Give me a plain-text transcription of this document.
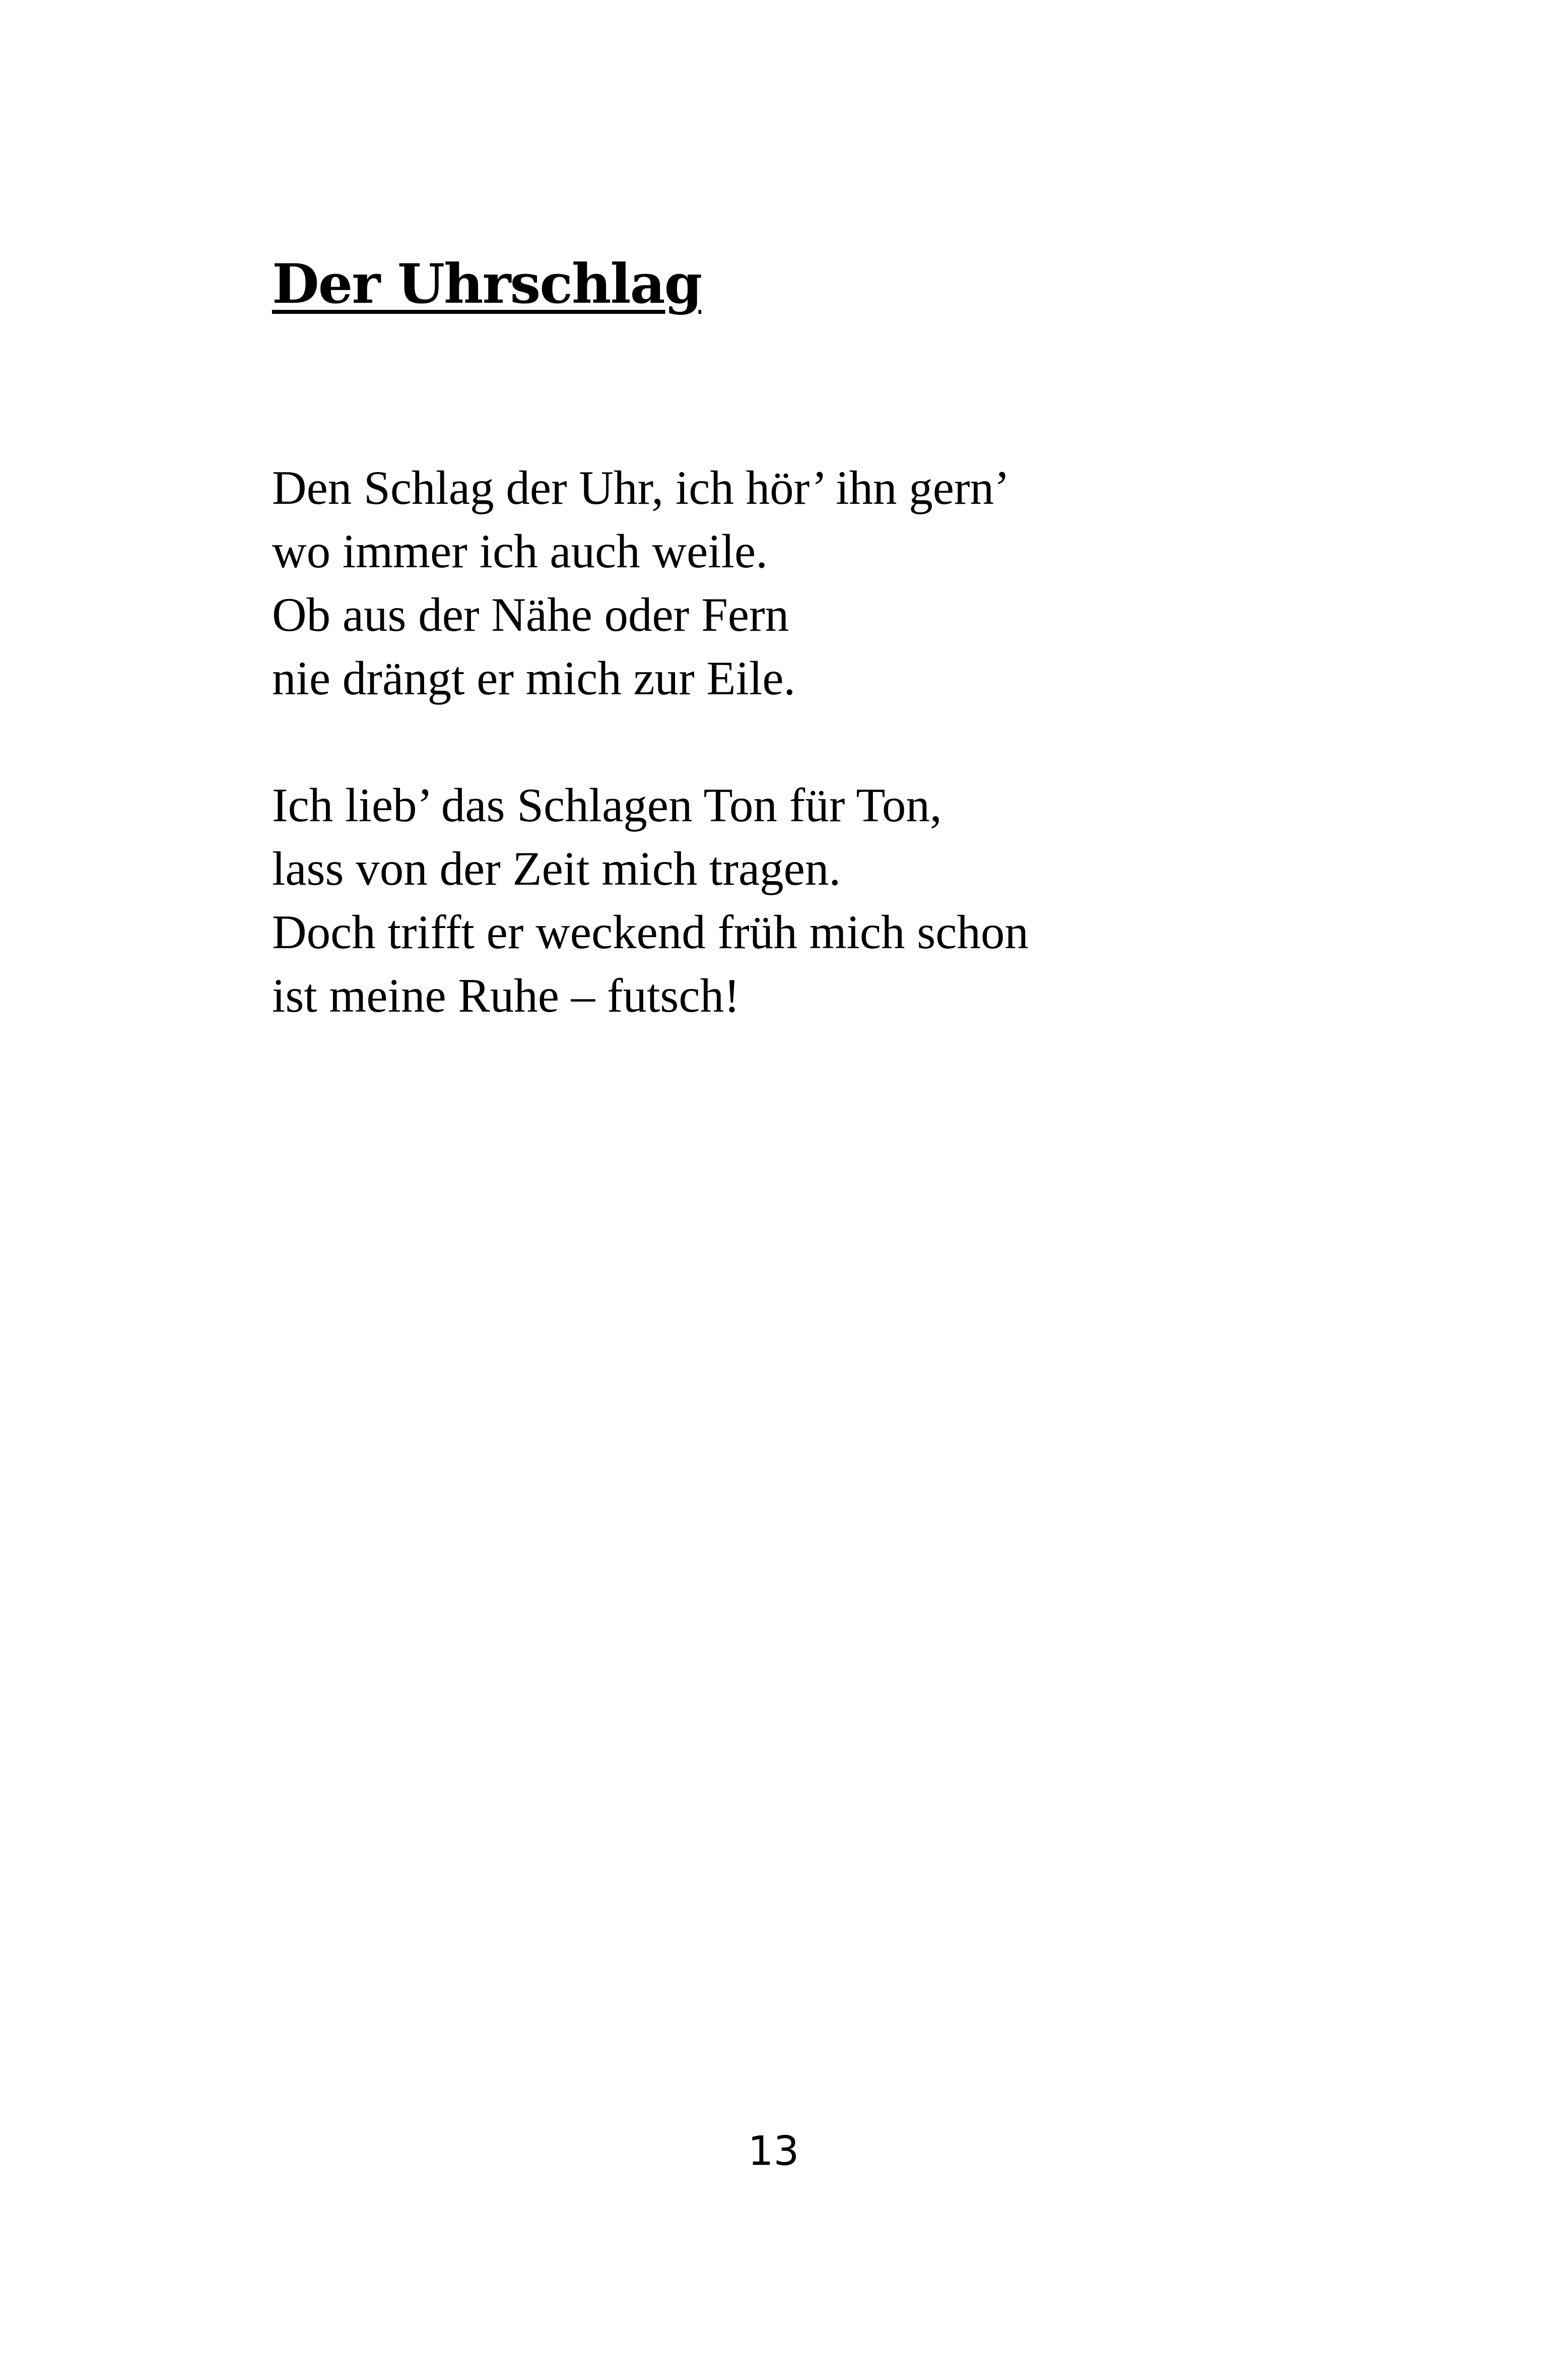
Der Uhrschlag

Den Schlag der Uhr, ich hör’ ihn gern’
wo immer ich auch weile.
Ob aus der Nähe oder Fern
nie drängt er mich zur Eile.

Ich lieb’ das Schlagen Ton für Ton,
lass von der Zeit mich tragen.
Doch trifft er weckend früh mich schon
ist meine Ruhe – futsch!

13
